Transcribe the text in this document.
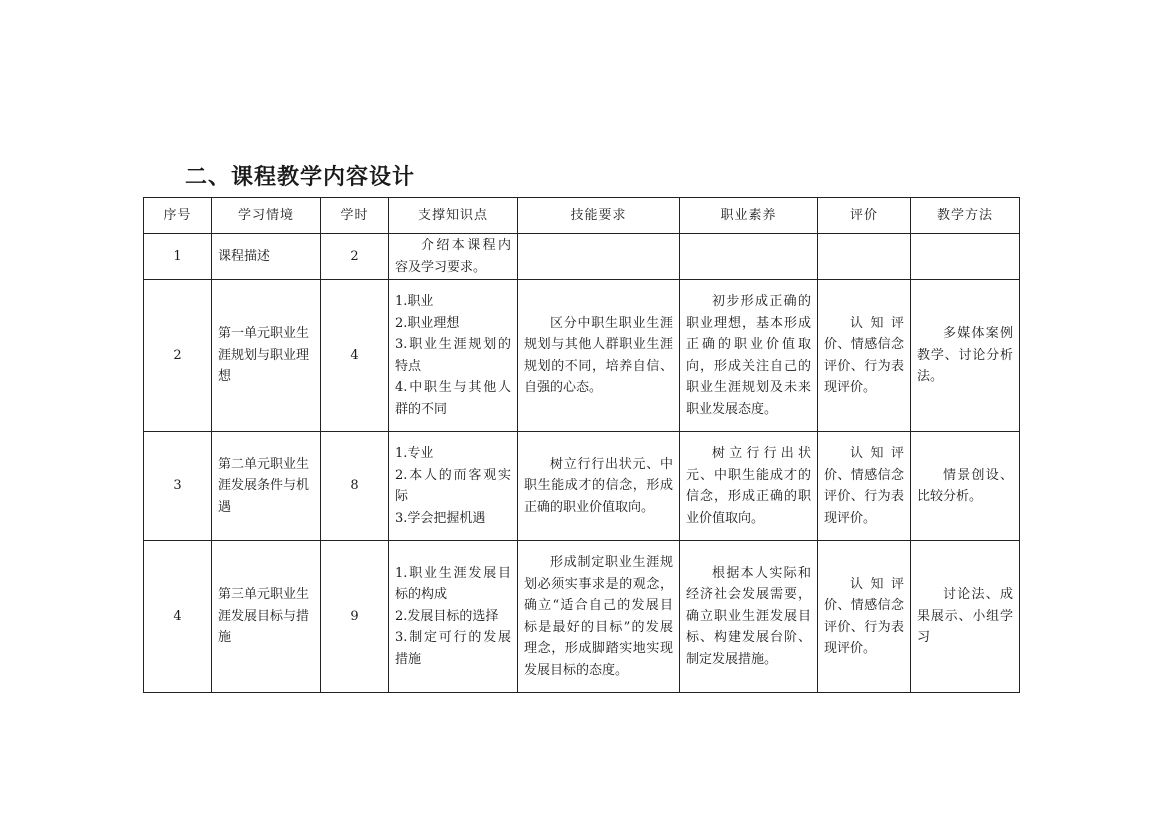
二、课程教学内容设计
序号	学习情境	学时	支撑知识点	技能要求	职业素养	评价	教学方法
1	课程描述	2	介绍本课程内容及学习要求。				

2	第一单元职业生涯规划与职业理想	4	1.职业
2.职业理想
3.职业生涯规划的特点
4.中职生与其他人群的不同	区分中职生职业生涯规划与其他人群职业生涯规划的不同，培养自信、自强的心态。	初步形成正确的职业理想，基本形成正确的职业价值取向，形成关注自己的职业生涯规划及未来职业发展态度。	认知评价、情感信念评价、行为表现评价。	多媒体案例教学、讨论分析法。

3	第二单元职业生涯发展条件与机遇	8	1.专业
2.本人的而客观实际
3.学会把握机遇	树立行行出状元、中职生能成才的信念，形成正确的职业价值取向。	树立行行出状元、中职生能成才的信念，形成正确的职业价值取向。	认知评价、情感信念评价、行为表现评价。	情景创设、比较分析。

4	第三单元职业生涯发展目标与措施	9	1.职业生涯发展目标的构成
2.发展目标的选择
3.制定可行的发展措施	形成制定职业生涯规划必须实事求是的观念，确立“适合自己的发展目标是最好的目标”的发展理念，形成脚踏实地实现发展目标的态度。	根据本人实际和经济社会发展需要，确立职业生涯发展目标、构建发展台阶、制定发展措施。	认知评价、情感信念评价、行为表现评价。	讨论法、成果展示、小组学习
